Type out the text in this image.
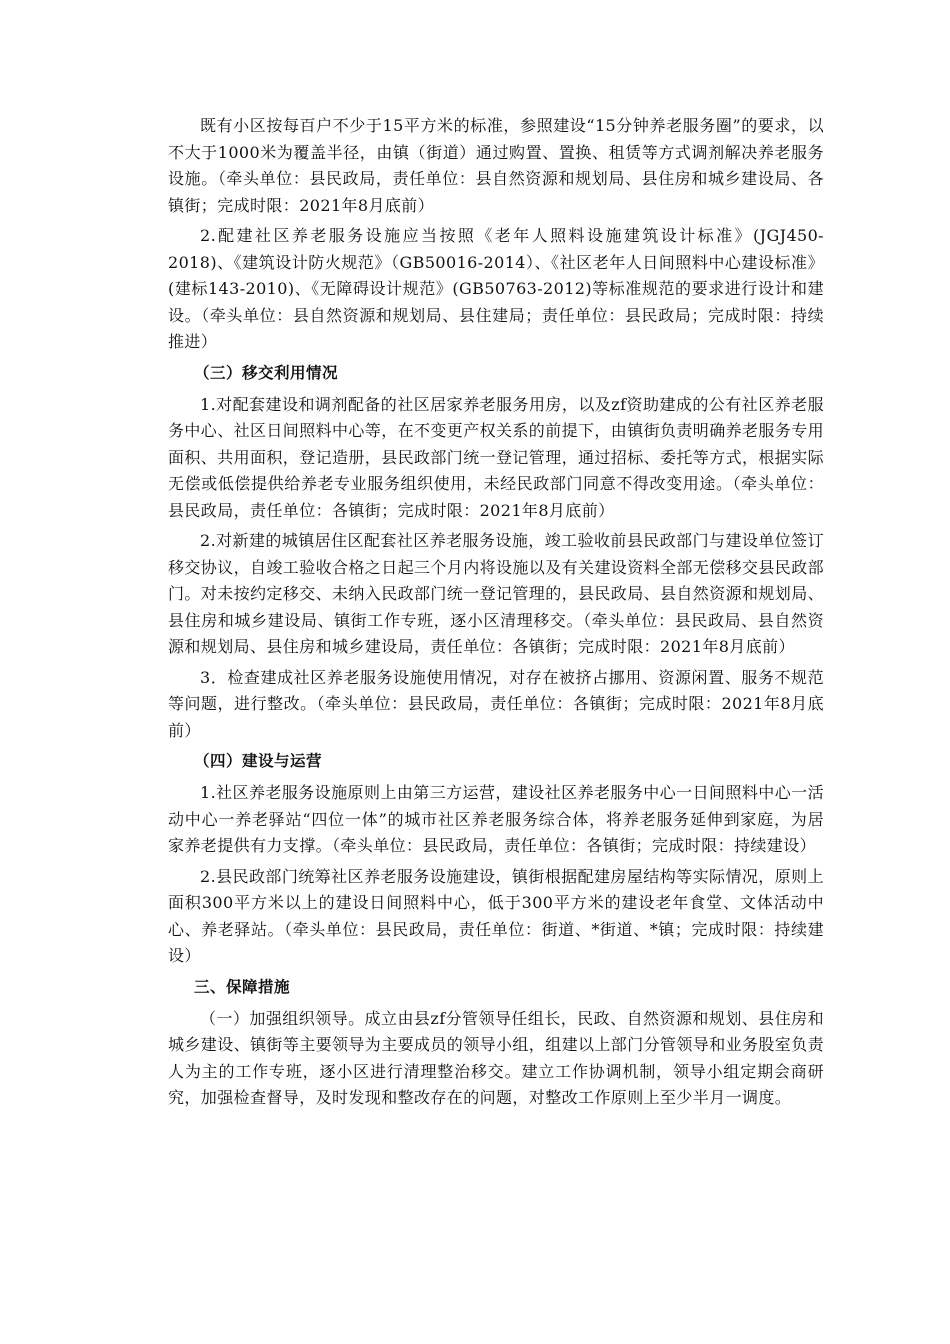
既有小区按每百户不少于15平方米的标准，参照建设“15分钟养老服务圈”的要求，以不大于1000米为覆盖半径，由镇（街道）通过购置、置换、租赁等方式调剂解决养老服务设施。（牵头单位：县民政局，责任单位：县自然资源和规划局、县住房和城乡建设局、各镇街；完成时限：2021年8月底前）

2.配建社区养老服务设施应当按照《老年人照料设施建筑设计标准》(JGJ450-2018)、《建筑设计防火规范》（GB50016-2014）、《社区老年人日间照料中心建设标准》(建标143-2010)、《无障碍设计规范》(GB50763-2012)等标准规范的要求进行设计和建设。（牵头单位：县自然资源和规划局、县住建局；责任单位：县民政局；完成时限：持续推进）

（三）移交利用情况

1.对配套建设和调剂配备的社区居家养老服务用房，以及zf资助建成的公有社区养老服务中心、社区日间照料中心等，在不变更产权关系的前提下，由镇街负责明确养老服务专用面积、共用面积，登记造册，县民政部门统一登记管理，通过招标、委托等方式，根据实际无偿或低偿提供给养老专业服务组织使用，未经民政部门同意不得改变用途。（牵头单位：县民政局，责任单位：各镇街；完成时限：2021年8月底前）

2.对新建的城镇居住区配套社区养老服务设施，竣工验收前县民政部门与建设单位签订移交协议，自竣工验收合格之日起三个月内将设施以及有关建设资料全部无偿移交县民政部门。对未按约定移交、未纳入民政部门统一登记管理的，县民政局、县自然资源和规划局、县住房和城乡建设局、镇街工作专班，逐小区清理移交。（牵头单位：县民政局、县自然资源和规划局、县住房和城乡建设局，责任单位：各镇街；完成时限：2021年8月底前）

3．检查建成社区养老服务设施使用情况，对存在被挤占挪用、资源闲置、服务不规范等问题，进行整改。（牵头单位：县民政局，责任单位：各镇街；完成时限：2021年8月底前）

（四）建设与运营

1.社区养老服务设施原则上由第三方运营，建设社区养老服务中心一日间照料中心一活动中心一养老驿站“四位一体”的城市社区养老服务综合体，将养老服务延伸到家庭，为居家养老提供有力支撑。（牵头单位：县民政局，责任单位：各镇街；完成时限：持续建设）

2.县民政部门统筹社区养老服务设施建设，镇街根据配建房屋结构等实际情况，原则上面积300平方米以上的建设日间照料中心，低于300平方米的建设老年食堂、文体活动中心、养老驿站。（牵头单位：县民政局，责任单位：街道、*街道、*镇；完成时限：持续建设）

三、保障措施

（一）加强组织领导。成立由县zf分管领导任组长，民政、自然资源和规划、县住房和城乡建设、镇街等主要领导为主要成员的领导小组，组建以上部门分管领导和业务股室负责人为主的工作专班，逐小区进行清理整治移交。建立工作协调机制，领导小组定期会商研究，加强检查督导，及时发现和整改存在的问题，对整改工作原则上至少半月一调度。
